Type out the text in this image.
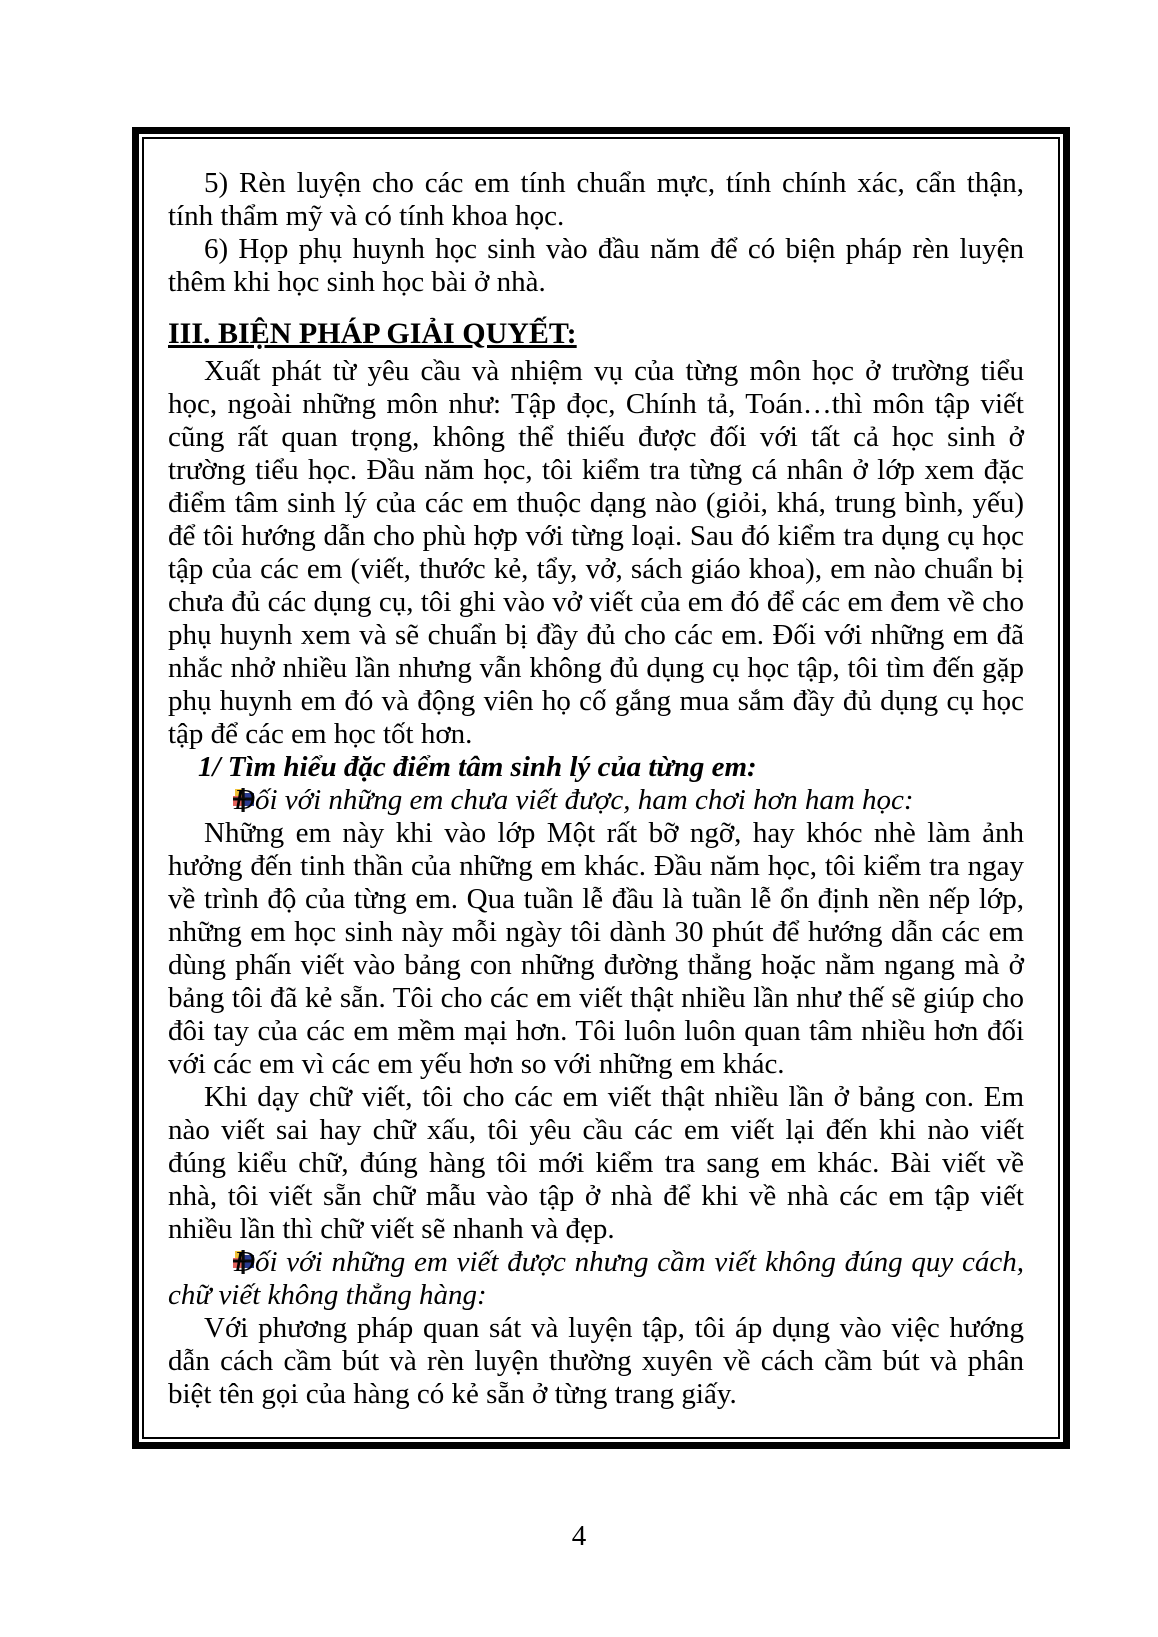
5) Rèn luyện cho các em tính chuẩn mực, tính chính xác, cẩn thận, tính thẩm mỹ và có tính khoa học.

6) Họp phụ huynh học sinh vào đầu năm để có biện pháp rèn luyện thêm khi học sinh học bài ở nhà.

III. BIỆN PHÁP GIẢI QUYẾT:

Xuất phát từ yêu cầu và nhiệm vụ của từng môn học ở trường tiểu học, ngoài những môn như: Tập đọc, Chính tả, Toán…thì môn tập viết cũng rất quan trọng, không thể thiếu được đối với tất cả học sinh ở trường tiểu học. Đầu năm học, tôi kiểm tra từng cá nhân ở lớp xem đặc điểm tâm sinh lý của các em thuộc dạng nào (giỏi, khá, trung bình, yếu) để tôi hướng dẫn cho phù hợp với từng loại. Sau đó kiểm tra dụng cụ học tập của các em (viết, thước kẻ, tẩy, vở, sách giáo khoa), em nào chuẩn bị chưa đủ các dụng cụ, tôi ghi vào vở viết của em đó để các em đem về cho phụ huynh xem và sẽ chuẩn bị đầy đủ cho các em. Đối với những em đã nhắc nhở nhiều lần nhưng vẫn không đủ dụng cụ học tập, tôi tìm đến gặp phụ huynh em đó và động viên họ cố gắng mua sắm đầy đủ dụng cụ học tập để các em học tốt hơn.

1/ Tìm hiểu đặc điểm tâm sinh lý của từng em:

Đối với những em chưa viết được, ham chơi hơn ham học:

Những em này khi vào lớp Một rất bỡ ngỡ, hay khóc nhè làm ảnh hưởng đến tinh thần của những em khác. Đầu năm học, tôi kiểm tra ngay về trình độ của từng em. Qua tuần lễ đầu là tuần lễ ổn định nền nếp lớp, những em học sinh này mỗi ngày tôi dành 30 phút để hướng dẫn các em dùng phấn viết vào bảng con những đường thẳng hoặc nằm ngang mà ở bảng tôi đã kẻ sẵn. Tôi cho các em viết thật nhiều lần như thế sẽ giúp cho đôi tay của các em mềm mại hơn. Tôi luôn luôn quan tâm nhiều hơn đối với các em vì các em yếu hơn so với những em khác.

Khi dạy chữ viết, tôi cho các em viết thật nhiều lần ở bảng con. Em nào viết sai hay chữ xấu, tôi yêu cầu các em viết lại đến khi nào viết đúng kiểu chữ, đúng hàng tôi mới kiểm tra sang em khác. Bài viết về nhà, tôi viết sẵn chữ mẫu vào tập ở nhà để khi về nhà các em tập viết nhiều lần thì chữ viết sẽ nhanh và đẹp.

Đối với những em viết được nhưng cầm viết không đúng quy cách, chữ viết không thẳng hàng:

Với phương pháp quan sát và luyện tập, tôi áp dụng vào việc hướng dẫn cách cầm bút và rèn luyện thường xuyên về cách cầm bút và phân biệt tên gọi của hàng có kẻ sẵn ở từng trang giấy.

4
